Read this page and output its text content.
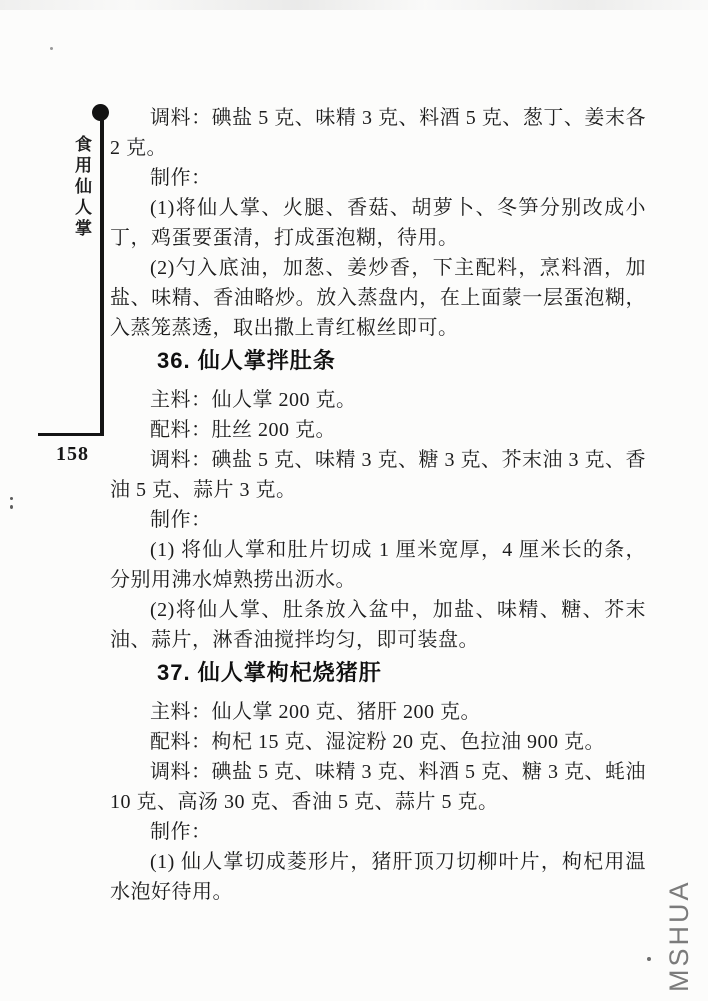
食用仙人掌
158

调料：碘盐 5 克、味精 3 克、料酒 5 克、葱丁、姜末各 2 克。

制作：

(1)将仙人掌、火腿、香菇、胡萝卜、冬笋分别改成小丁，鸡蛋要蛋清，打成蛋泡糊，待用。

(2)勺入底油，加葱、姜炒香，下主配料，烹料酒，加盐、味精、香油略炒。放入蒸盘内，在上面蒙一层蛋泡糊，入蒸笼蒸透，取出撒上青红椒丝即可。

36. 仙人掌拌肚条

主料：仙人掌 200 克。

配料：肚丝 200 克。

调料：碘盐 5 克、味精 3 克、糖 3 克、芥末油 3 克、香油 5 克、蒜片 3 克。

制作：

(1) 将仙人掌和肚片切成 1 厘米宽厚，4 厘米长的条，分别用沸水焯熟捞出沥水。

(2)将仙人掌、肚条放入盆中，加盐、味精、糖、芥末油、蒜片，淋香油搅拌均匀，即可装盘。

37. 仙人掌枸杞烧猪肝

主料：仙人掌 200 克、猪肝 200 克。

配料：枸杞 15 克、湿淀粉 20 克、色拉油 900 克。

调料：碘盐 5 克、味精 3 克、料酒 5 克、糖 3 克、蚝油 10 克、高汤 30 克、香油 5 克、蒜片 5 克。

制作：

(1) 仙人掌切成菱形片，猪肝顶刀切柳叶片，枸杞用温水泡好待用。	MSHUA
